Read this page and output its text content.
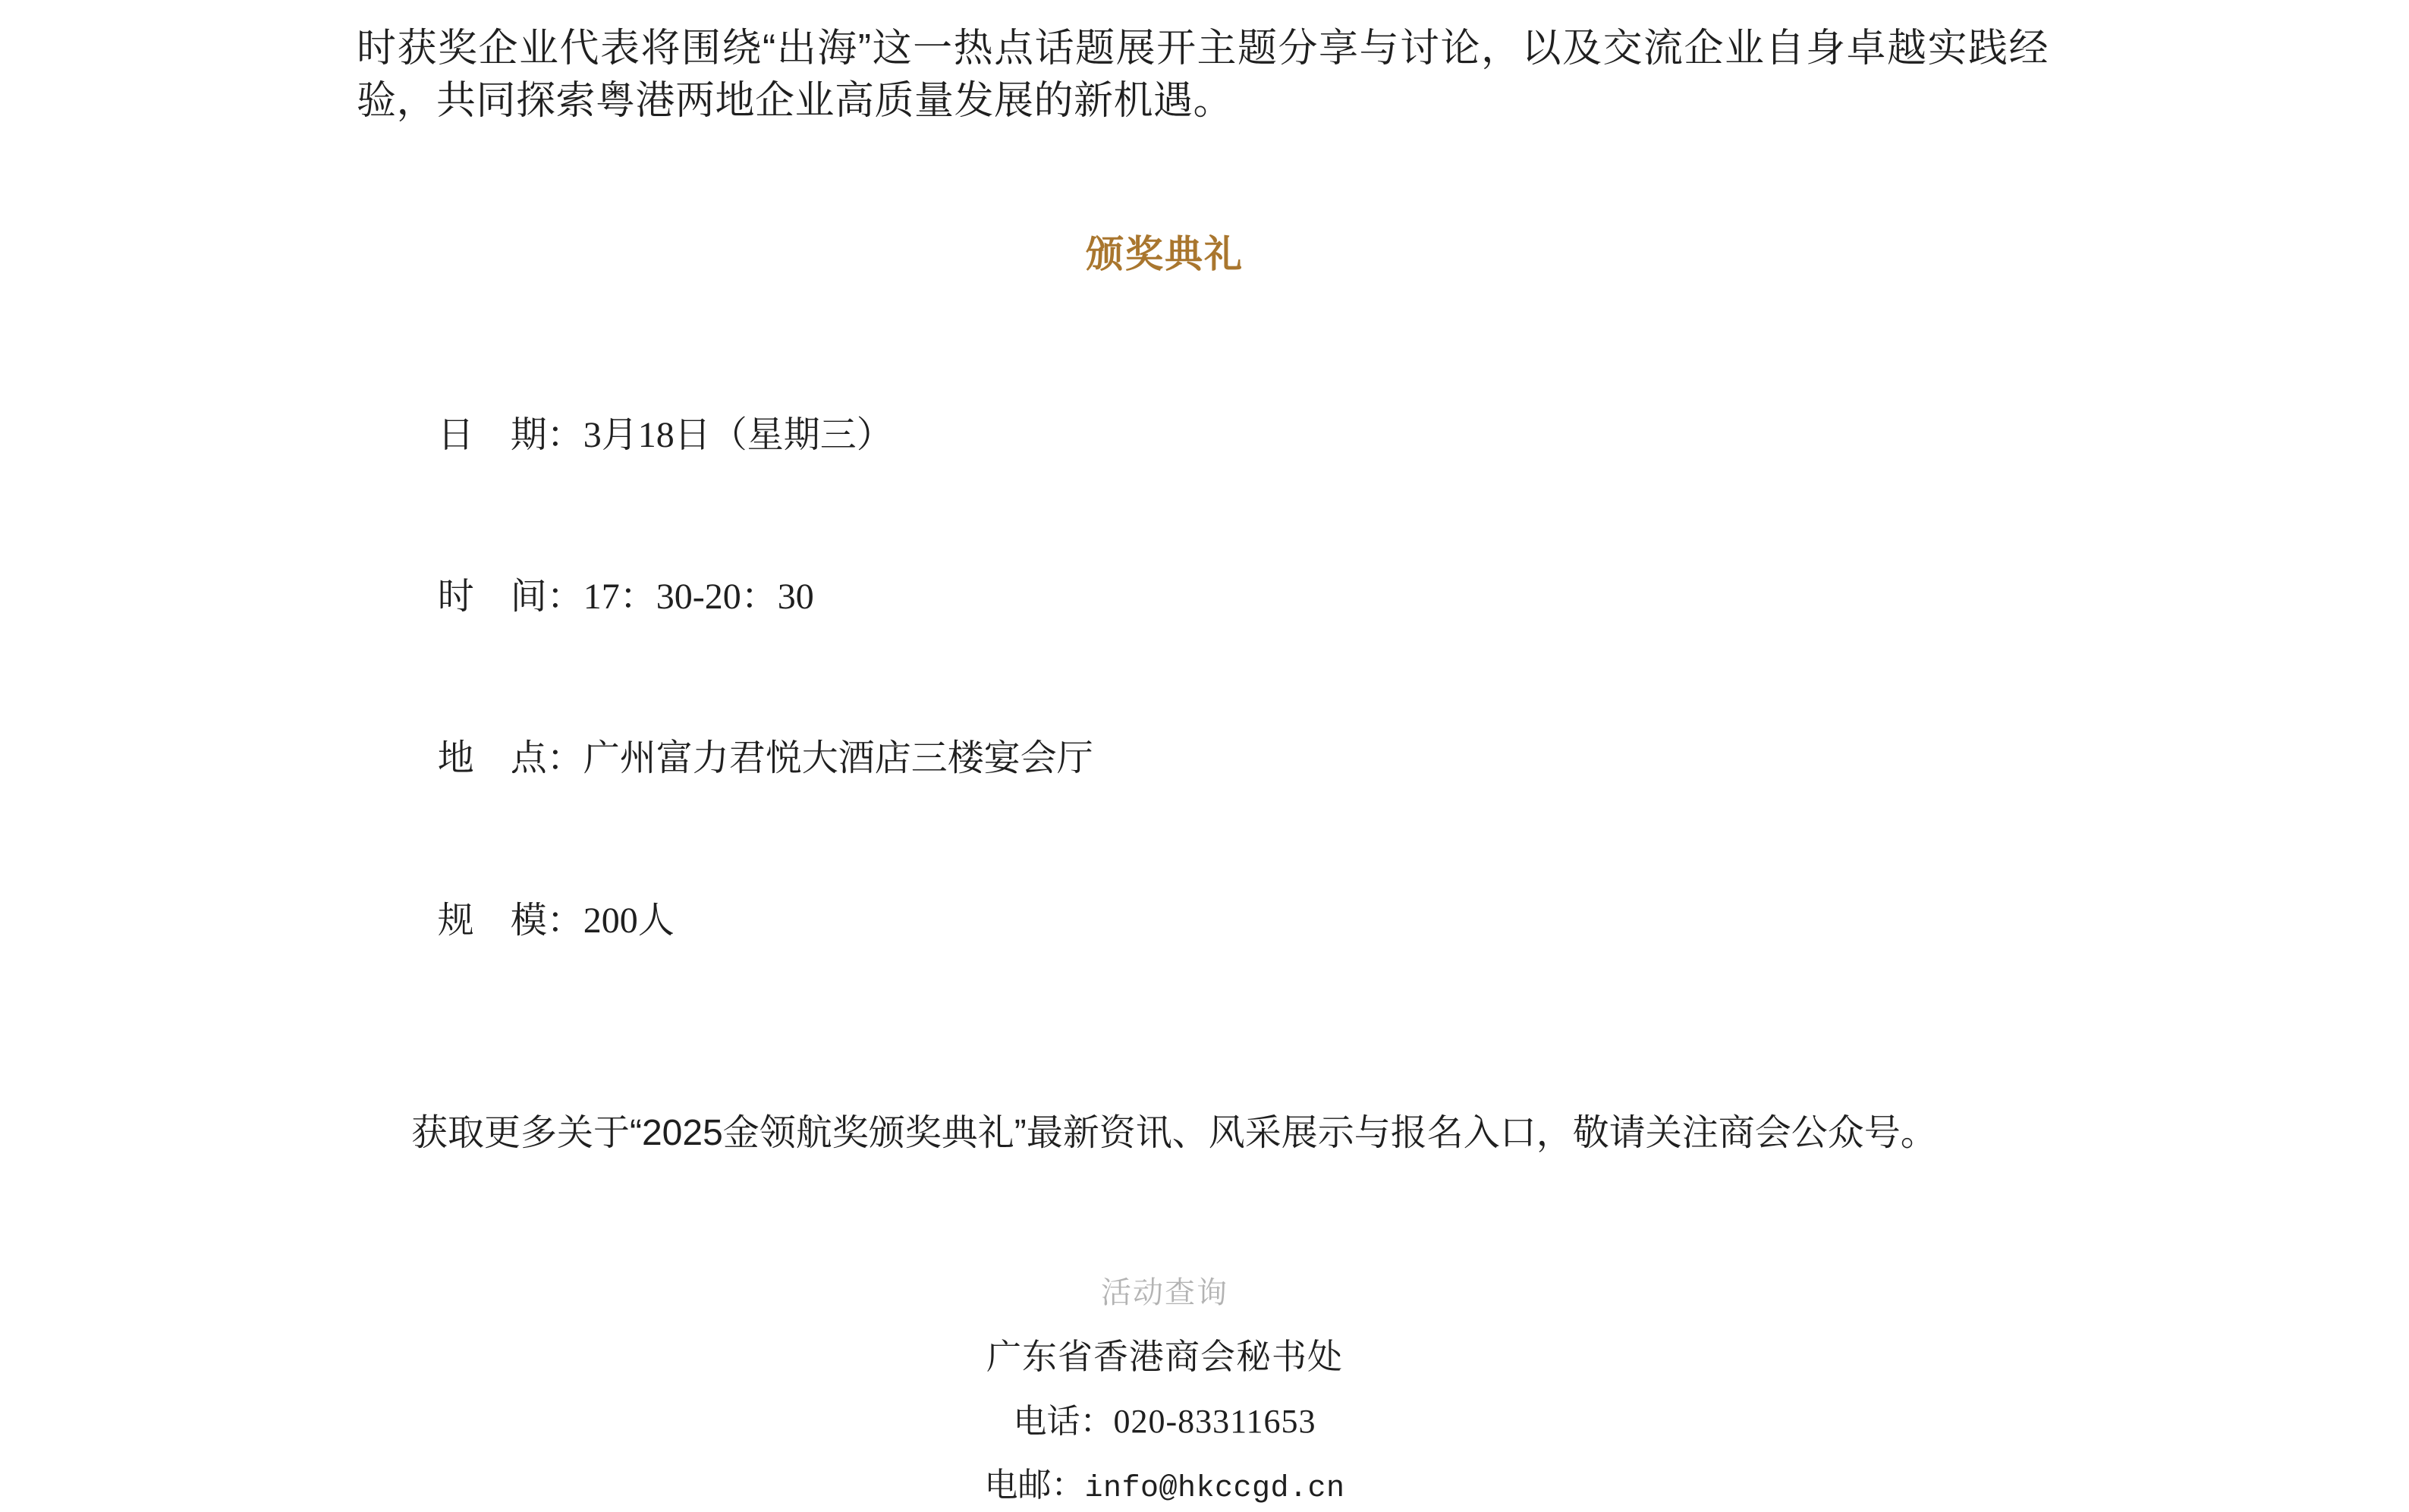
时获奖企业代表将围绕“出海”这一热点话题展开主题分享与讨论，以及交流企业自身卓越实践经验，共同探索粤港两地企业高质量发展的新机遇。

颁奖典礼

日　期：3月18日（星期三）

时　间：17：30-20：30

地　点：广州富力君悦大酒店三楼宴会厅

规　模：200人

获取更多关于“2025金领航奖颁奖典礼”最新资讯、风采展示与报名入口，敬请关注商会公众号。

活动查询
广东省香港商会秘书处
电话：020-83311653
电邮：info@hkccgd.cn
